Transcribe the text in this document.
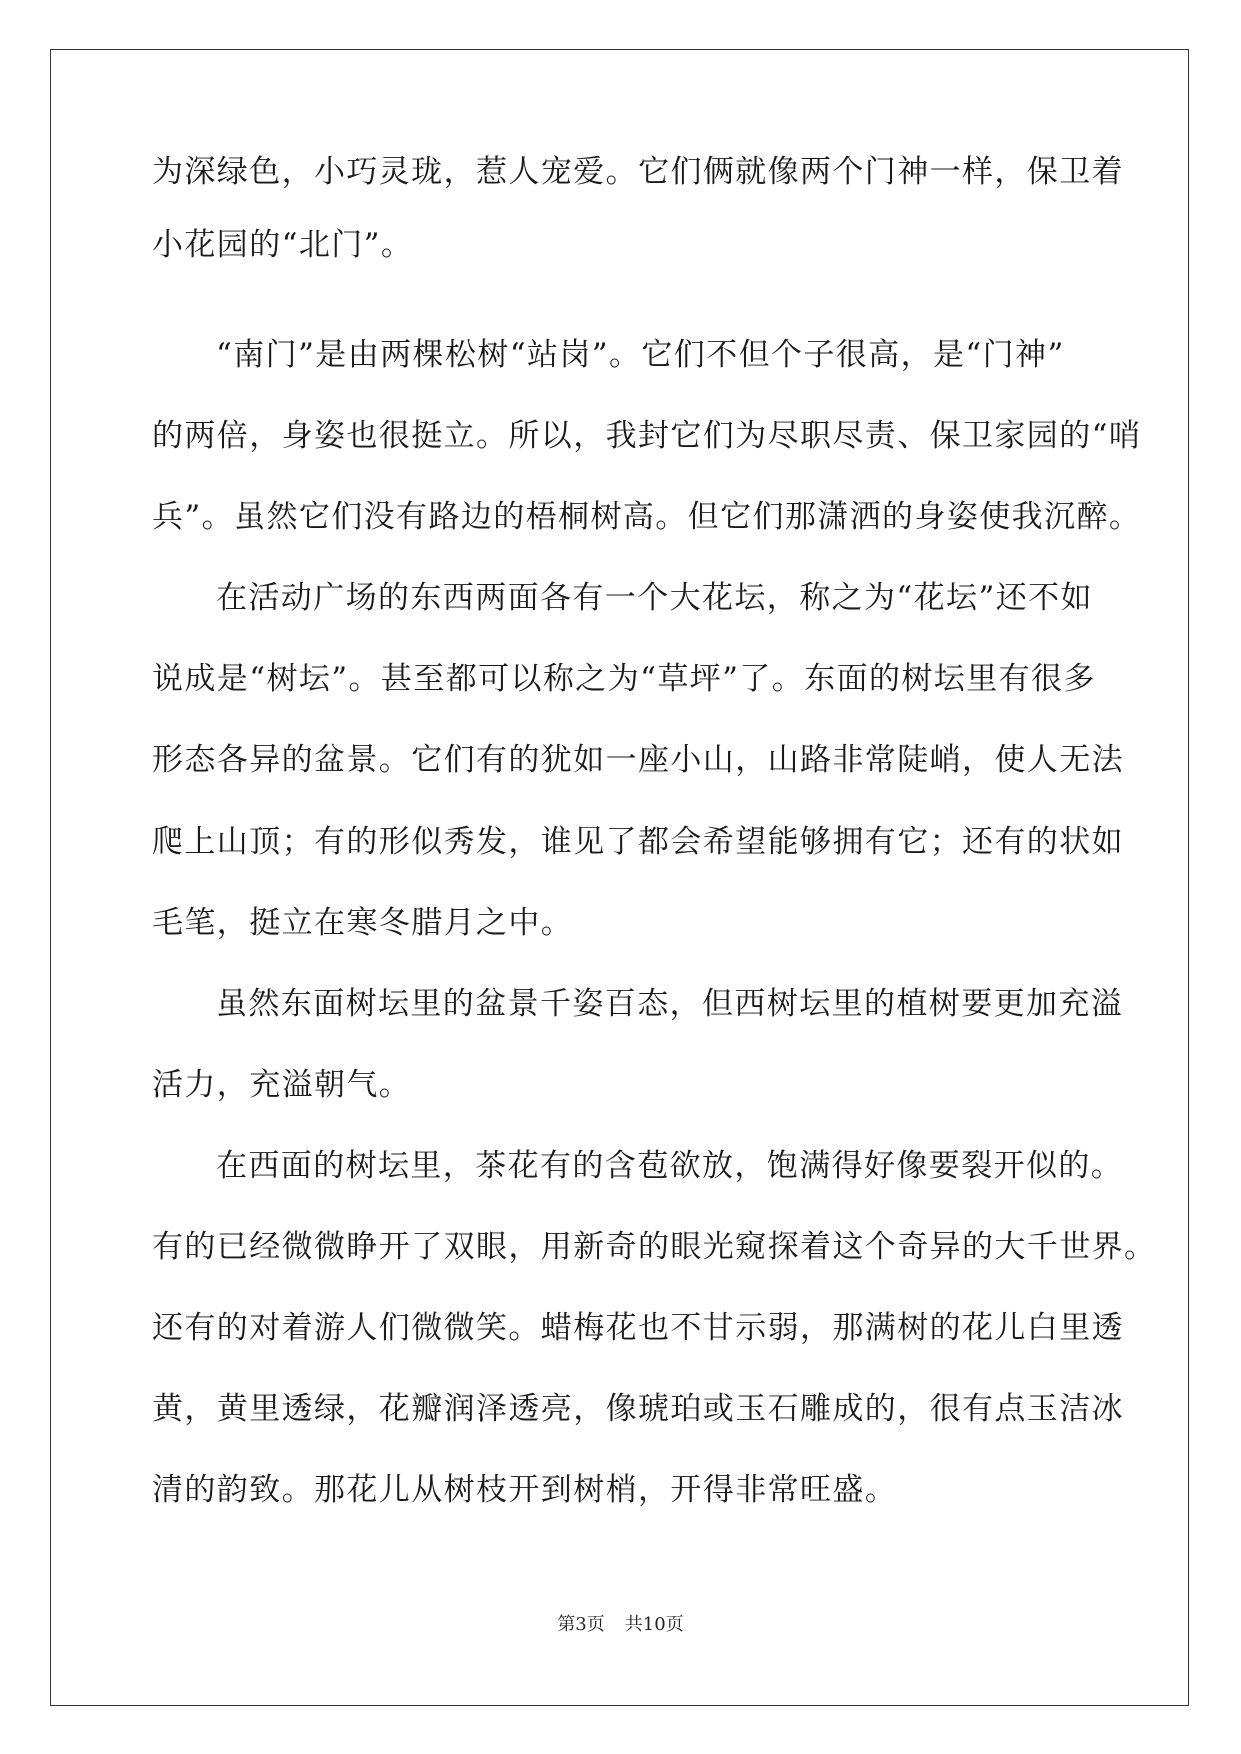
为深绿色，小巧灵珑，惹人宠爱。它们俩就像两个门神一样，保卫着
小花园的“北门”。
“南门”是由两棵松树“站岗”。它们不但个子很高，是“门神”
的两倍，身姿也很挺立。所以，我封它们为尽职尽责、保卫家园的“哨
兵”。虽然它们没有路边的梧桐树高。但它们那潇洒的身姿使我沉醉。
在活动广场的东西两面各有一个大花坛，称之为“花坛”还不如
说成是“树坛”。甚至都可以称之为“草坪”了。东面的树坛里有很多
形态各异的盆景。它们有的犹如一座小山，山路非常陡峭，使人无法
爬上山顶；有的形似秀发，谁见了都会希望能够拥有它；还有的状如
毛笔，挺立在寒冬腊月之中。
虽然东面树坛里的盆景千姿百态，但西树坛里的植树要更加充溢
活力，充溢朝气。
在西面的树坛里，茶花有的含苞欲放，饱满得好像要裂开似的。
有的已经微微睁开了双眼，用新奇的眼光窥探着这个奇异的大千世界。
还有的对着游人们微微笑。蜡梅花也不甘示弱，那满树的花儿白里透
黄，黄里透绿，花瓣润泽透亮，像琥珀或玉石雕成的，很有点玉洁冰
清的韵致。那花儿从树枝开到树梢，开得非常旺盛。
第3页 共10页
